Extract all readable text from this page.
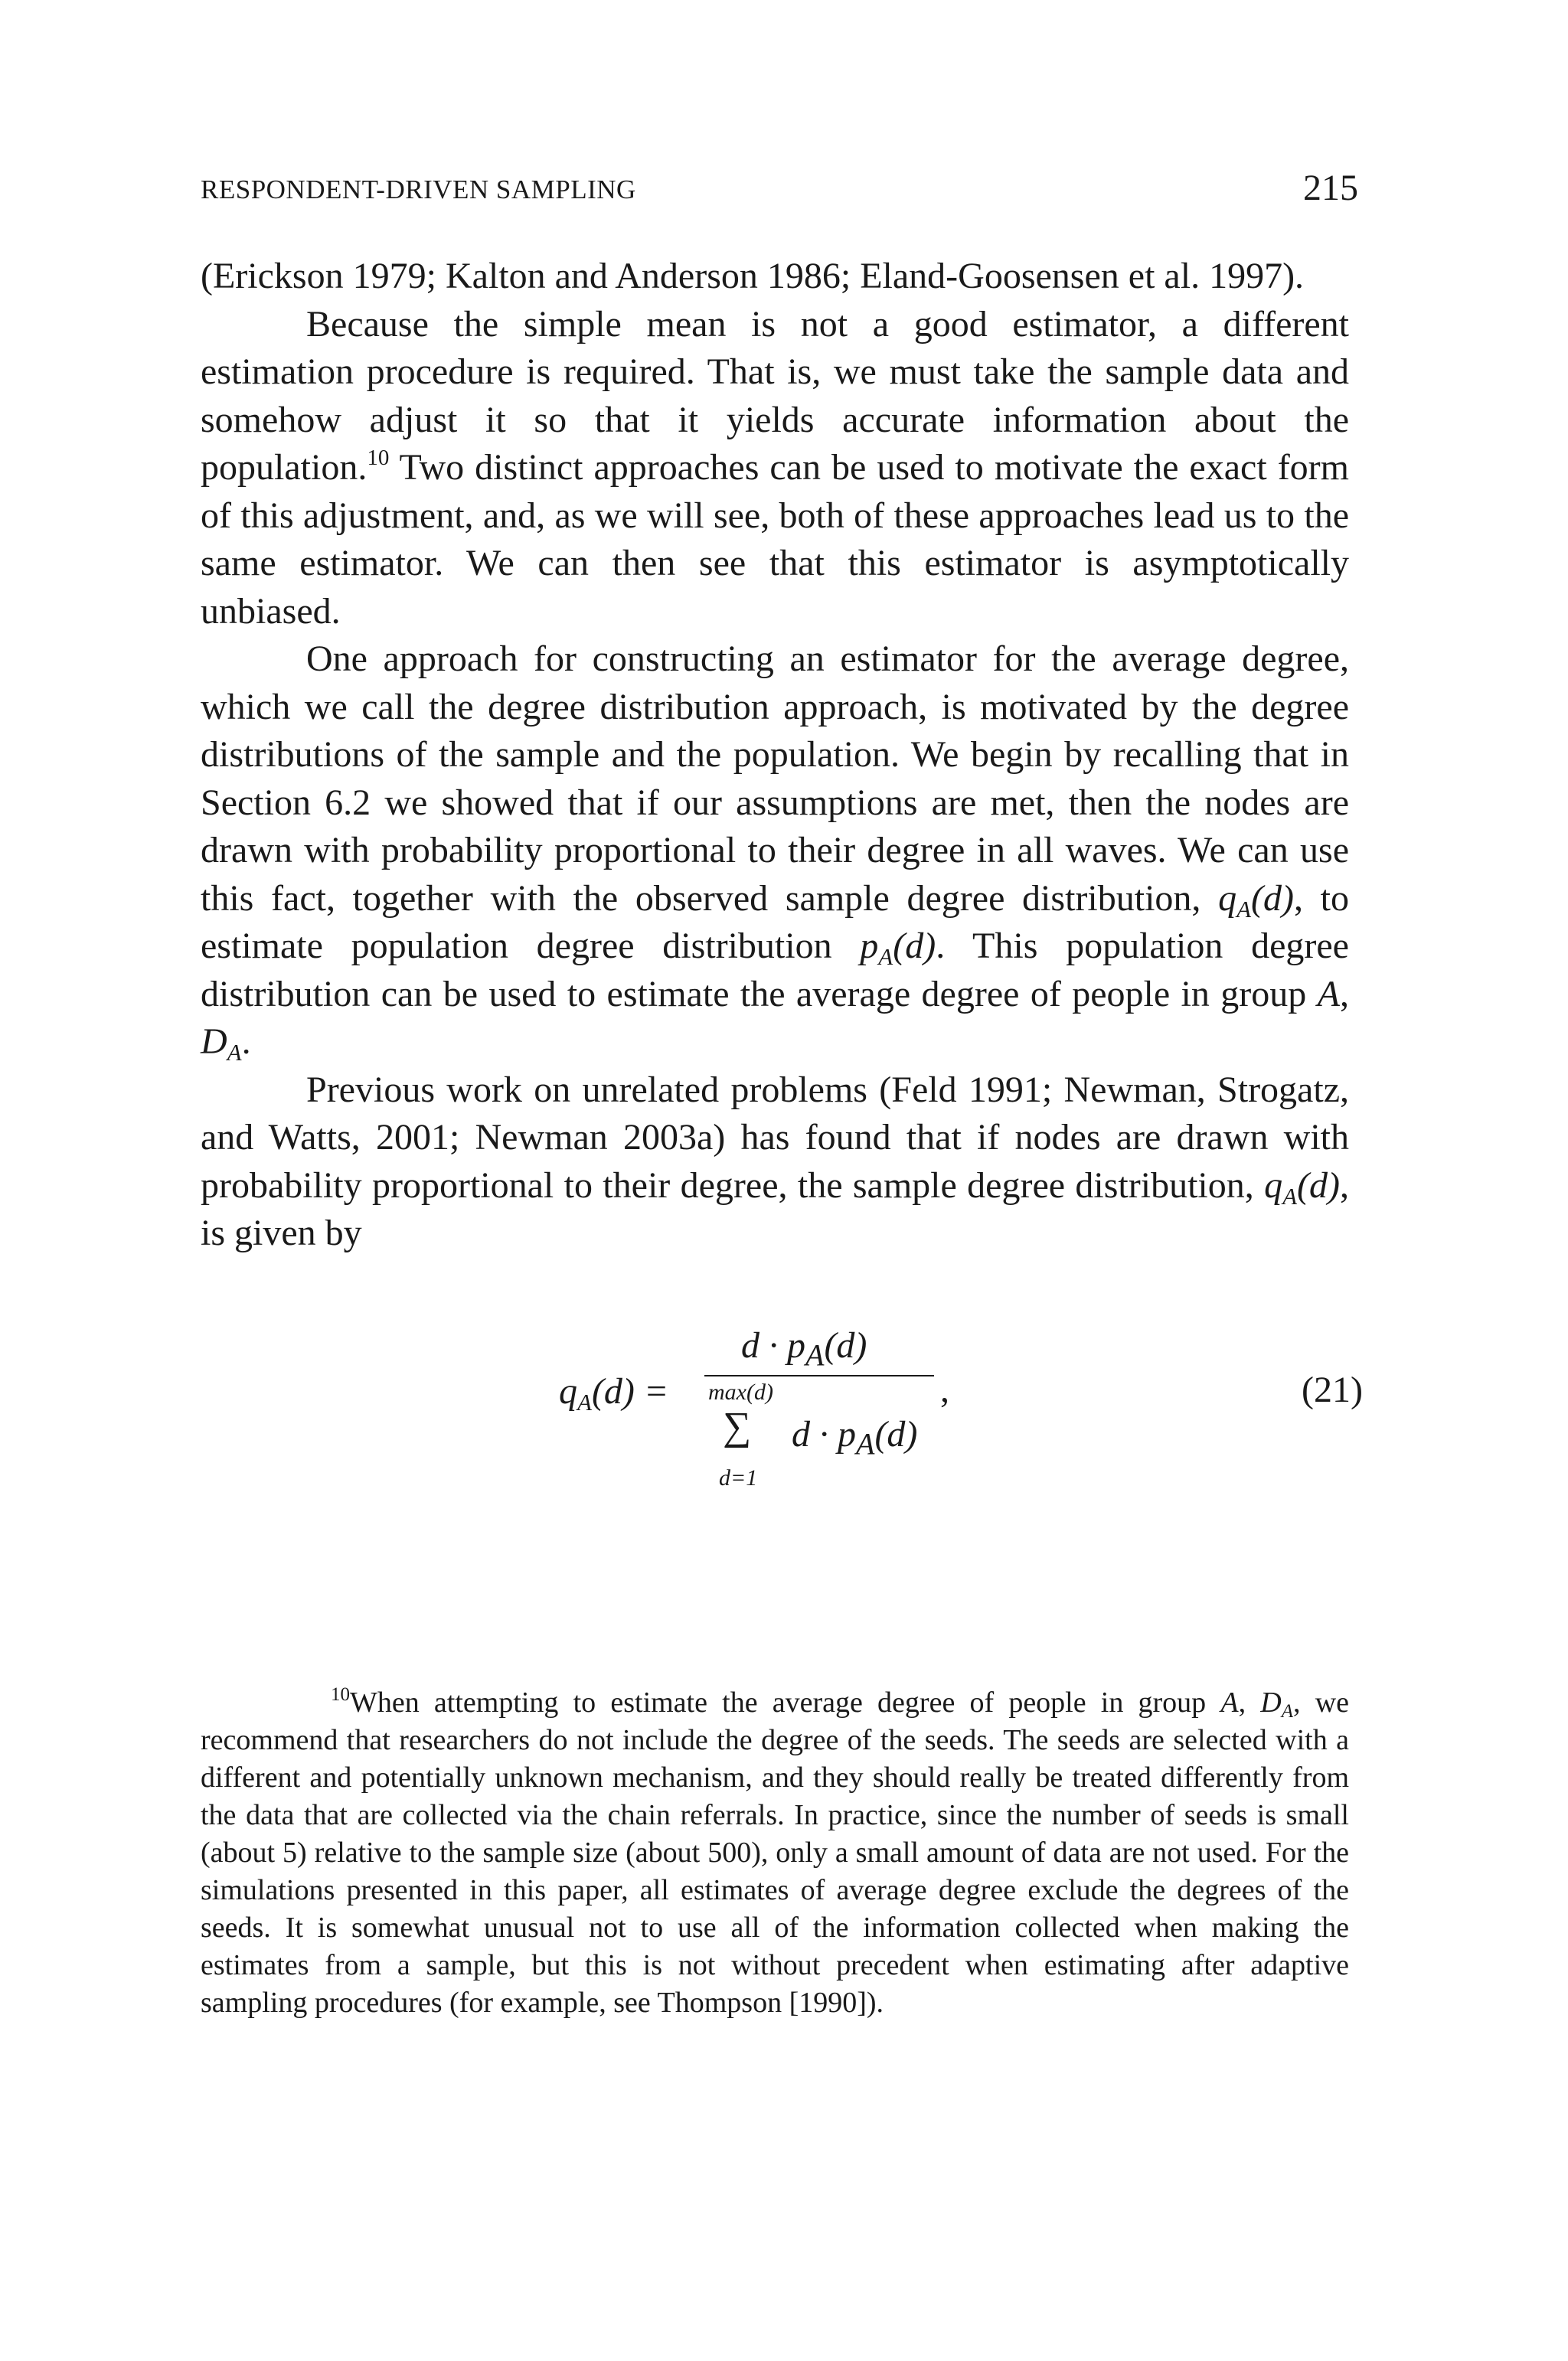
RESPONDENT-DRIVEN SAMPLING	215

(Erickson 1979; Kalton and Anderson 1986; Eland-Goosensen et al. 1997).

Because the simple mean is not a good estimator, a different estimation procedure is required. That is, we must take the sample data and somehow adjust it so that it yields accurate information about the population.$^{10}$ Two distinct approaches can be used to motivate the exact form of this adjustment, and, as we will see, both of these approaches lead us to the same estimator. We can then see that this estimator is asymptotically unbiased.

One approach for constructing an estimator for the average degree, which we call the degree distribution approach, is motivated by the degree distributions of the sample and the population. We begin by recalling that in Section 6.2 we showed that if our assumptions are met, then the nodes are drawn with probability proportional to their degree in all waves. We can use this fact, together with the observed sample degree distribution, $q_A(d)$, to estimate population degree distribution $p_A(d)$. This population degree distribution can be used to estimate the average degree of people in group A, $D_A$.

Previous work on unrelated problems (Feld 1991; Newman, Strogatz, and Watts, 2001; Newman 2003a) has found that if nodes are drawn with probability proportional to their degree, the sample degree distribution, $q_A(d)$, is given by

$q_A(d)$ =
$d \cdot p_A(d)$
,
max(d)
∑ $d \cdot p_A(d)$
d=1
(21)

$^{10}$When attempting to estimate the average degree of people in group A, $D_A$, we recommend that researchers do not include the degree of the seeds. The seeds are selected with a different and potentially unknown mechanism, and they should really be treated differently from the data that are collected via the chain referrals. In practice, since the number of seeds is small (about 5) relative to the sample size (about 500), only a small amount of data are not used. For the simulations presented in this paper, all estimates of average degree exclude the degrees of the seeds. It is somewhat unusual not to use all of the information collected when making the estimates from a sample, but this is not without precedent when estimating after adaptive sampling procedures (for example, see Thompson [1990]).
